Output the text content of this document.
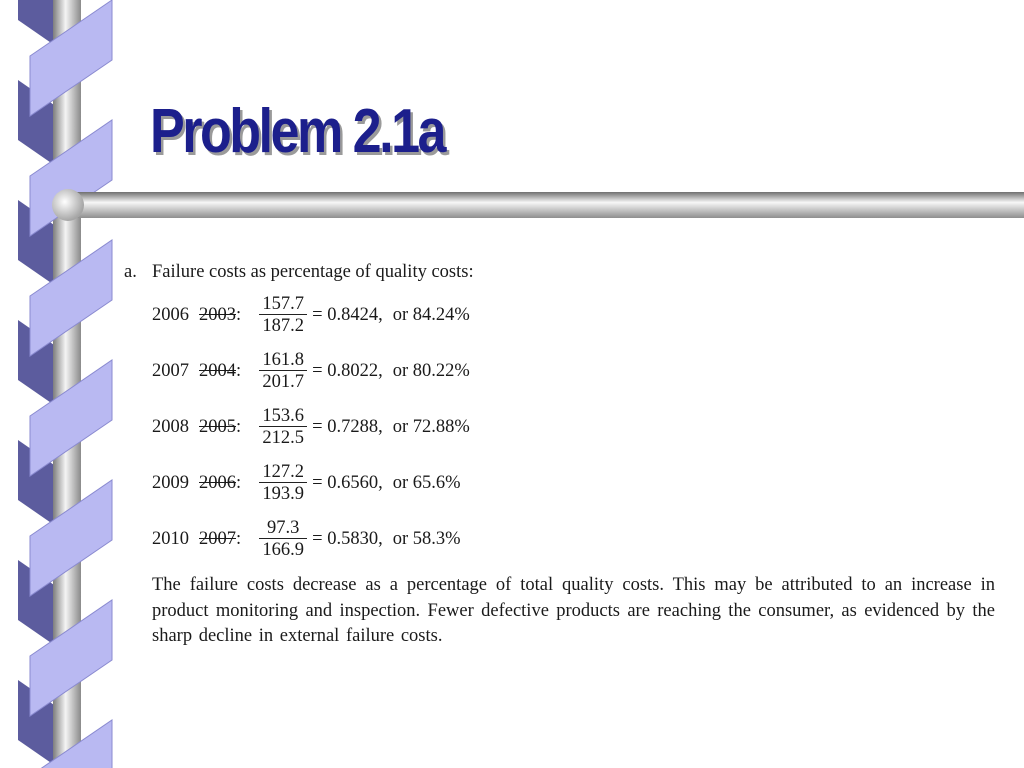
Problem 2.1a
a. Failure costs as percentage of quality costs:
2006 2003 : $\frac{157.7}{187.2} = 0.8424$, or 84.24%
2007 2004 : $\frac{161.8}{201.7} = 0.8022$, or 80.22%
2008 2005 : $\frac{153.6}{212.5} = 0.7288$, or 72.88%
2009 2006 : $\frac{127.2}{193.9} = 0.6560$, or 65.6%
2010 2007 : $\frac{97.3}{166.9} = 0.5830$, or 58.3%

The failure costs decrease as a percentage of total quality costs. This may be attributed to an increase in product monitoring and inspection. Fewer defective products are reaching the consumer, as evidenced by the sharp decline in external failure costs.
